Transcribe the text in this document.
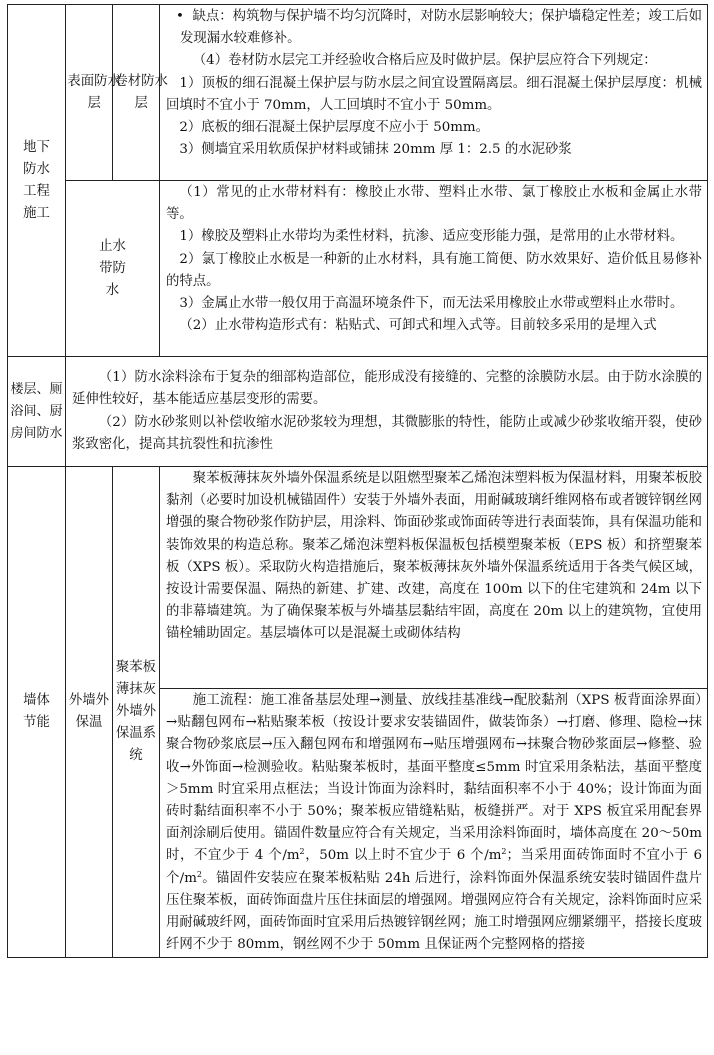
地下防水工程施工	表面防水层	卷材防水层	•  缺点：构筑物与保护墙不均匀沉降时，对防水层影响较大；保护墙稳定性差；竣工后如发现漏水较难修补。

（4）卷材防水层完工并经验收合格后应及时做护层。保护层应符合下列规定：

1）顶板的细石混凝土保护层与防水层之间宜设置隔离层。细石混凝土保护层厚度：机械回填时不宜小于 70mm，人工回填时不宜小于 50mm。

2）底板的细石混凝土保护层厚度不应小于 50mm。

3）侧墙宜采用软质保护材料或铺抹 20mm 厚 1：2.5 的水泥砂浆

	止水带防水		（1）常见的止水带材料有：橡胶止水带、塑料止水带、氯丁橡胶止水板和金属止水带等。

1）橡胶及塑料止水带均为柔性材料，抗渗、适应变形能力强，是常用的止水带材料。

2）氯丁橡胶止水板是一种新的止水材料，具有施工简便、防水效果好、造价低且易修补的特点。

3）金属止水带一般仅用于高温环境条件下，而无法采用橡胶止水带或塑料止水带时。

（2）止水带构造形式有：粘贴式、可卸式和埋入式等。目前较多采用的是埋入式

楼层、厕浴间、厨房间防水	（1）防水涂料涂布于复杂的细部构造部位，能形成没有接缝的、完整的涂膜防水层。由于防水涂膜的延伸性较好，基本能适应基层变形的需要。

（2）防水砂浆则以补偿收缩水泥砂浆较为理想，其微膨胀的特性，能防止或减少砂浆收缩开裂，使砂浆致密化，提高其抗裂性和抗渗性		

墙体节能	外墙外保温	聚苯板薄抹灰外墙外保温系统	聚苯板薄抹灰外墙外保温系统是以阻燃型聚苯乙烯泡沫塑料板为保温材料，用聚苯板胶黏剂（必要时加设机械锚固件）安装于外墙外表面，用耐碱玻璃纤维网格布或者镀锌钢丝网增强的聚合物砂浆作防护层，用涂料、饰面砂浆或饰面砖等进行表面装饰，具有保温功能和装饰效果的构造总称。聚苯乙烯泡沫塑料板保温板包括模塑聚苯板（EPS 板）和挤塑聚苯板（XPS 板）。采取防火构造措施后，聚苯板薄抹灰外墙外保温系统适用于各类气候区域，按设计需要保温、隔热的新建、扩建、改建，高度在 100m 以下的住宅建筑和 24m 以下的非幕墙建筑。为了确保聚苯板与外墙基层黏结牢固，高度在 20m 以上的建筑物，宜使用锚栓辅助固定。基层墙体可以是混凝土或砌体结构

			施工流程：施工准备基层处理→测量、放线挂基准线→配胶黏剂（XPS 板背面涂界面）→贴翻包网布→粘贴聚苯板（按设计要求安装锚固件，做装饰条）→打磨、修理、隐检→抹聚合物砂浆底层→压入翻包网布和增强网布→贴压增强网布→抹聚合物砂浆面层→修整、验收→外饰面→检测验收。粘贴聚苯板时，基面平整度≤5mm 时宜采用条粘法，基面平整度＞5mm 时宜采用点框法；当设计饰面为涂料时，黏结面积率不小于 40%；设计饰面为面砖时黏结面积率不小于 50%；聚苯板应错缝粘贴，板缝拼严。对于 XPS 板宜采用配套界面剂涂刷后使用。锚固件数量应符合有关规定，当采用涂料饰面时，墙体高度在 20～50m 时，不宜少于 4 个$/m^2$，50m 以上时不宜少于 6 个$/m^2$；当采用面砖饰面时不宜小于 6 个$/m^2$。锚固件安装应在聚苯板粘贴 24h 后进行，涂料饰面外保温系统安装时锚固件盘片压住聚苯板，面砖饰面盘片压住抹面层的增强网。增强网应符合有关规定，涂料饰面时应采用耐碱玻纤网，面砖饰面时宜采用后热镀锌钢丝网；施工时增强网应绷紧绷平，搭接长度玻纤网不少于 80mm，钢丝网不少于 50mm 且保证两个完整网格的搭接
